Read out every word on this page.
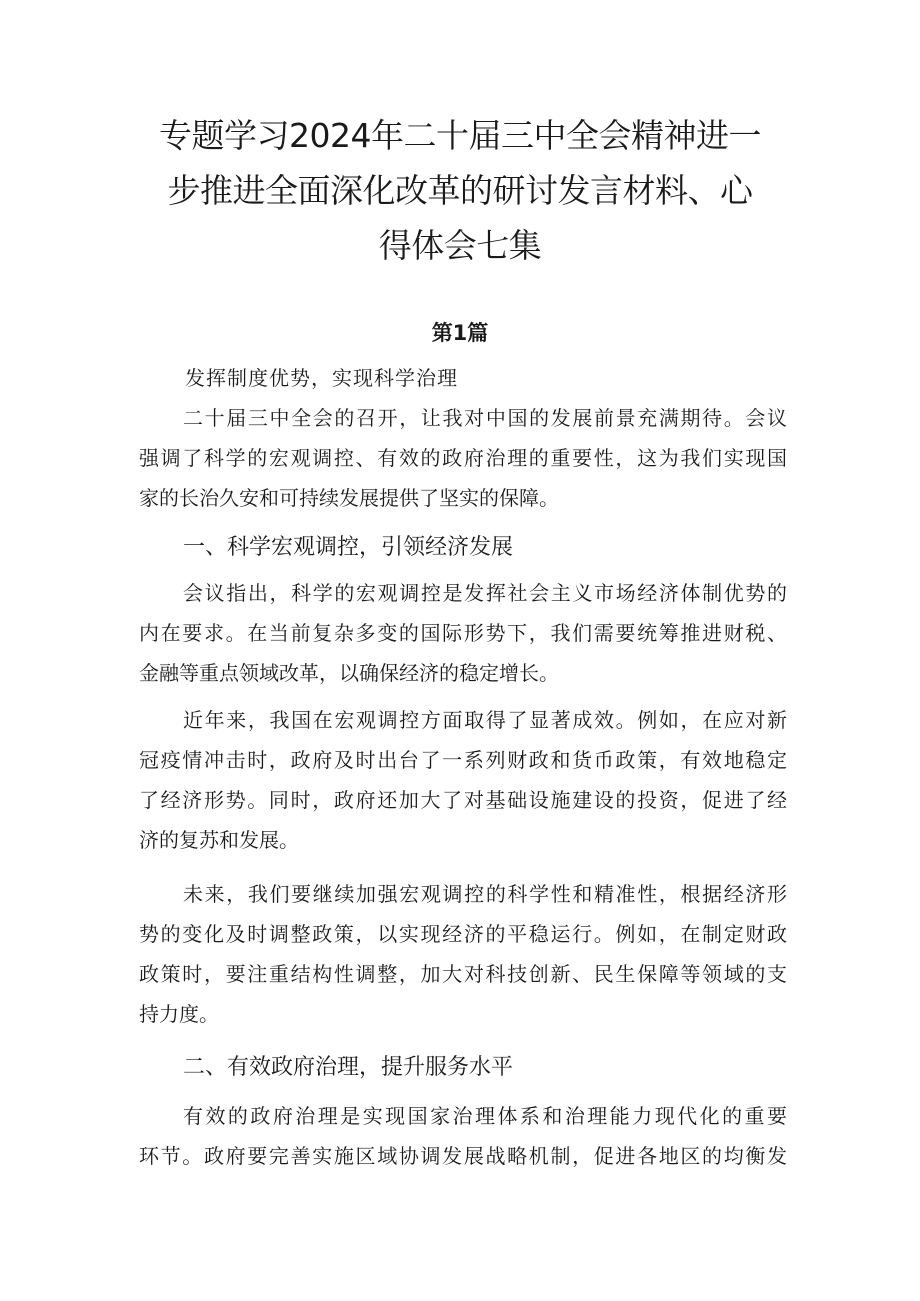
专题学习2024年二十届三中全会精神进一
步推进全面深化改革的研讨发言材料、心
得体会七集
第1篇

发挥制度优势，实现科学治理

二十届三中全会的召开，让我对中国的发展前景充满期待。会议
强调了科学的宏观调控、有效的政府治理的重要性，这为我们实现国
家的长治久安和可持续发展提供了坚实的保障。
一、科学宏观调控，引领经济发展
会议指出，科学的宏观调控是发挥社会主义市场经济体制优势的
内在要求。在当前复杂多变的国际形势下，我们需要统筹推进财税、
金融等重点领域改革，以确保经济的稳定增长。
近年来，我国在宏观调控方面取得了显著成效。例如，在应对新
冠疫情冲击时，政府及时出台了一系列财政和货币政策，有效地稳定
了经济形势。同时，政府还加大了对基础设施建设的投资，促进了经
济的复苏和发展。
未来，我们要继续加强宏观调控的科学性和精准性，根据经济形
势的变化及时调整政策，以实现经济的平稳运行。例如，在制定财政
政策时，要注重结构性调整，加大对科技创新、民生保障等领域的支
持力度。
二、有效政府治理，提升服务水平
有效的政府治理是实现国家治理体系和治理能力现代化的重要
环节。政府要完善实施区域协调发展战略机制，促进各地区的均衡发
